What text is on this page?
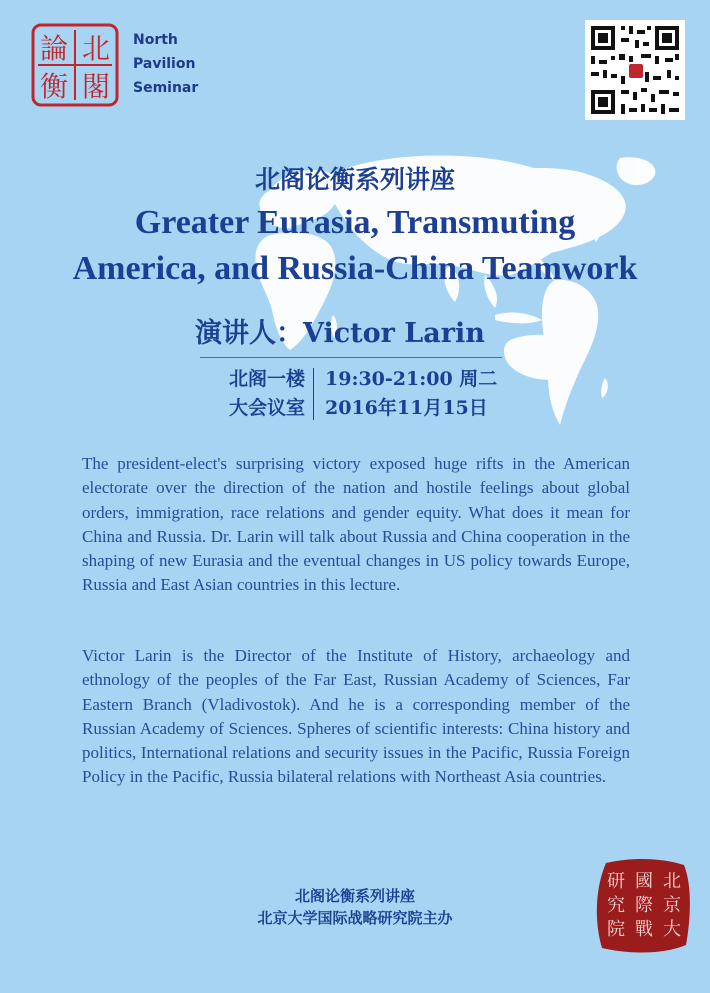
論 北
衡 閣
North
Pavilion
Seminar
北阁论衡系列讲座
Greater Eurasia, Transmuting
America, and Russia-China Teamwork
演讲人：Victor Larin
北阁一楼
大会议室
19:30-21:00 周二
2016年11月15日

The president-elect's surprising victory exposed huge rifts in the American electorate over the direction of the nation and hostile feelings about global orders, immigration, race relations and gender equity. What does it mean for China and Russia. Dr. Larin will talk about Russia and China cooperation in the shaping of new Eurasia and the eventual changes in US policy towards Europe, Russia and East Asian countries in this lecture.

Victor Larin is the Director of the Institute of History, archaeology and ethnology of the peoples of the Far East, Russian Academy of Sciences, Far Eastern Branch (Vladivostok). And he is a corresponding member of the Russian Academy of Sciences. Spheres of scientific interests: China history and politics, International relations and security issues in the Pacific, Russia Foreign Policy in the Pacific, Russia bilateral relations with Northeast Asia countries.

北阁论衡系列讲座
北京大学国际战略研究院主办
北
京
大
國
際
戰
研
究
院
